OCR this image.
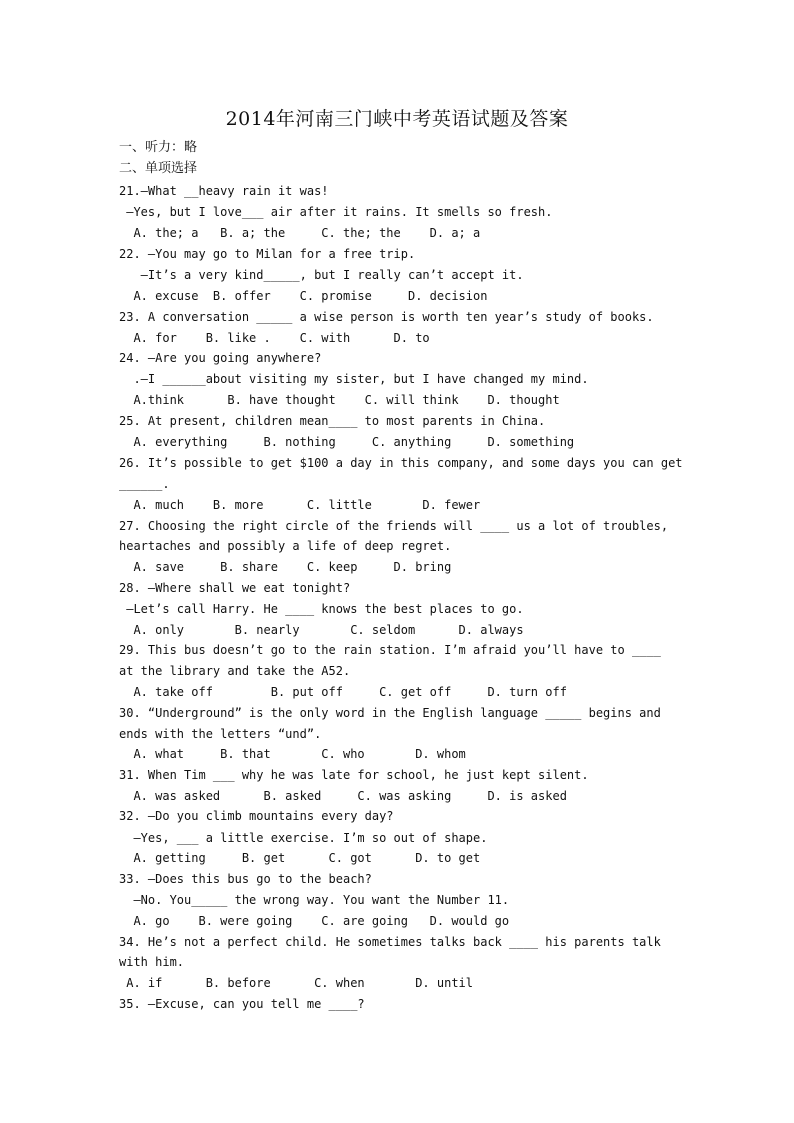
2014年河南三门峡中考英语试题及答案
一、听力：略
二、单项选择
21.—What __heavy rain it was!
—Yes, but I love___ air after it rains. It smells so fresh.
A. the; a   B. a; the     C. the; the    D. a; a
22. —You may go to Milan for a free trip.
—It’s a very kind_____, but I really can’t accept it.
A. excuse  B. offer    C. promise     D. decision
23. A conversation _____ a wise person is worth ten year’s study of books.
A. for    B. like .    C. with      D. to
24. —Are you going anywhere?
.—I ______about visiting my sister, but I have changed my mind.
A.think      B. have thought    C. will think    D. thought
25. At present, children mean____ to most parents in China.
A. everything     B. nothing     C. anything     D. something
26. It’s possible to get $100 a day in this company, and some days you can get
______.
A. much    B. more      C. little       D. fewer
27. Choosing the right circle of the friends will ____ us a lot of troubles,
heartaches and possibly a life of deep regret.
A. save     B. share    C. keep     D. bring
28. —Where shall we eat tonight?
—Let’s call Harry. He ____ knows the best places to go.
A. only       B. nearly       C. seldom      D. always
29. This bus doesn’t go to the rain station. I’m afraid you’ll have to ____
at the library and take the A52.
A. take off        B. put off     C. get off     D. turn off
30. “Underground” is the only word in the English language _____ begins and
ends with the letters “und”.
A. what     B. that       C. who       D. whom
31. When Tim ___ why he was late for school, he just kept silent.
A. was asked      B. asked     C. was asking     D. is asked
32. —Do you climb mountains every day?
—Yes, ___ a little exercise. I’m so out of shape.
A. getting     B. get      C. got      D. to get
33. —Does this bus go to the beach?
—No. You_____ the wrong way. You want the Number 11.
A. go    B. were going    C. are going   D. would go
34. He’s not a perfect child. He sometimes talks back ____ his parents talk
with him.
A. if      B. before      C. when       D. until
35. —Excuse, can you tell me ____?
